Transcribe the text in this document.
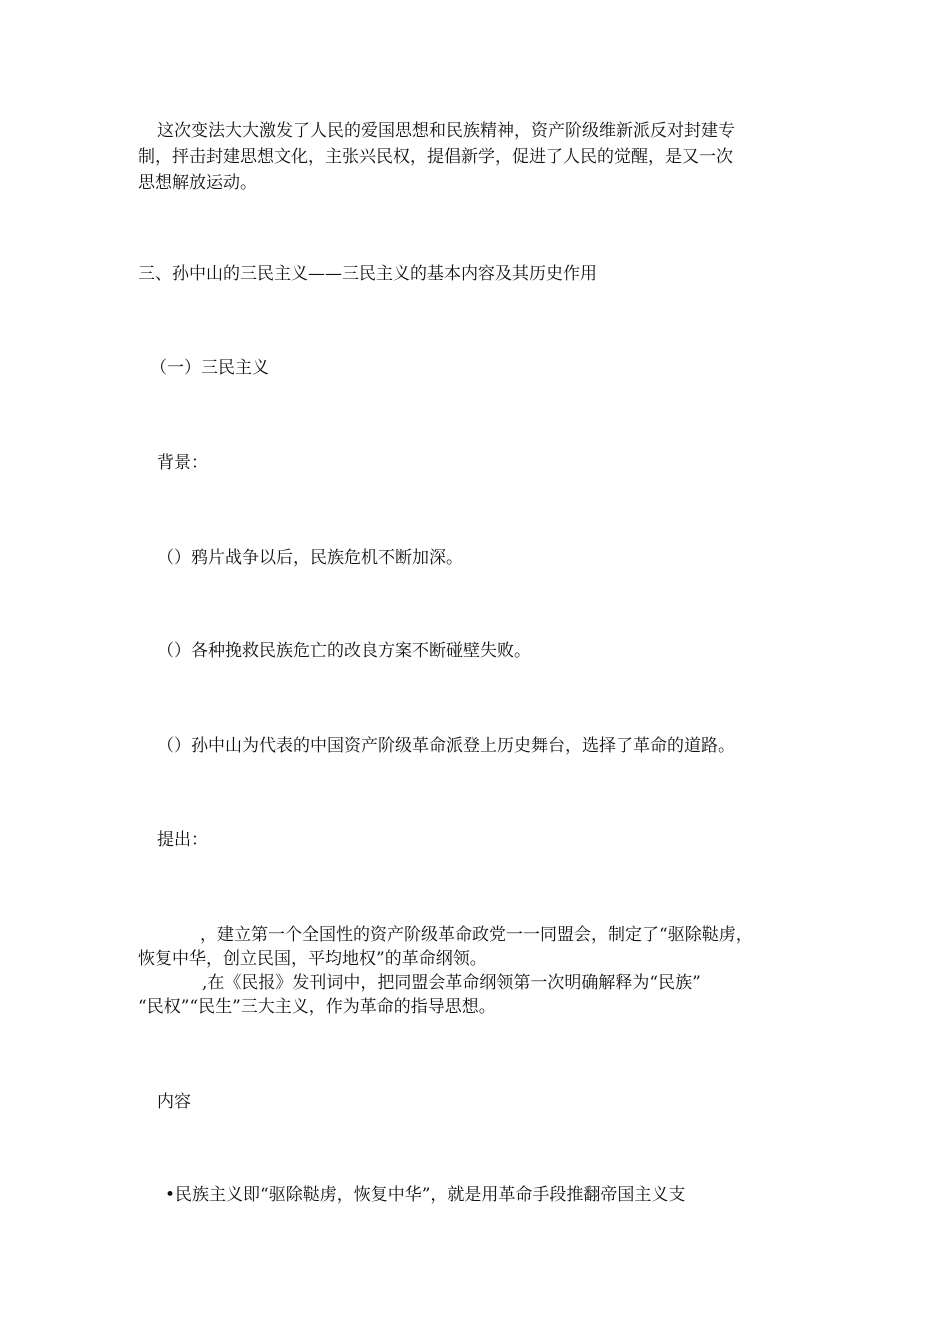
这次变法大大激发了人民的爱国思想和民族精神，资产阶级维新派反对封建专
制，抨击封建思想文化，主张兴民权，提倡新学，促进了人民的觉醒，是又一次
思想解放运动。
三、孙中山的三民主义——三民主义的基本内容及其历史作用
（一）三民主义
背景：
（）鸦片战争以后，民族危机不断加深。
（）各种挽救民族危亡的改良方案不断碰壁失败。
（）孙中山为代表的中国资产阶级革命派登上历史舞台，选择了革命的道路。
提出：
，建立第一个全国性的资产阶级革命政党一一同盟会，制定了“驱除鞑虏，
恢复中华，创立民国，平均地权”的革命纲领。
,在《民报》发刊词中，把同盟会革命纲领第一次明确解释为“民族”
“民权”“民生”三大主义，作为革命的指导思想。
内容
•民族主义即“驱除鞑虏，恢复中华”，就是用革命手段推翻帝国主义支
